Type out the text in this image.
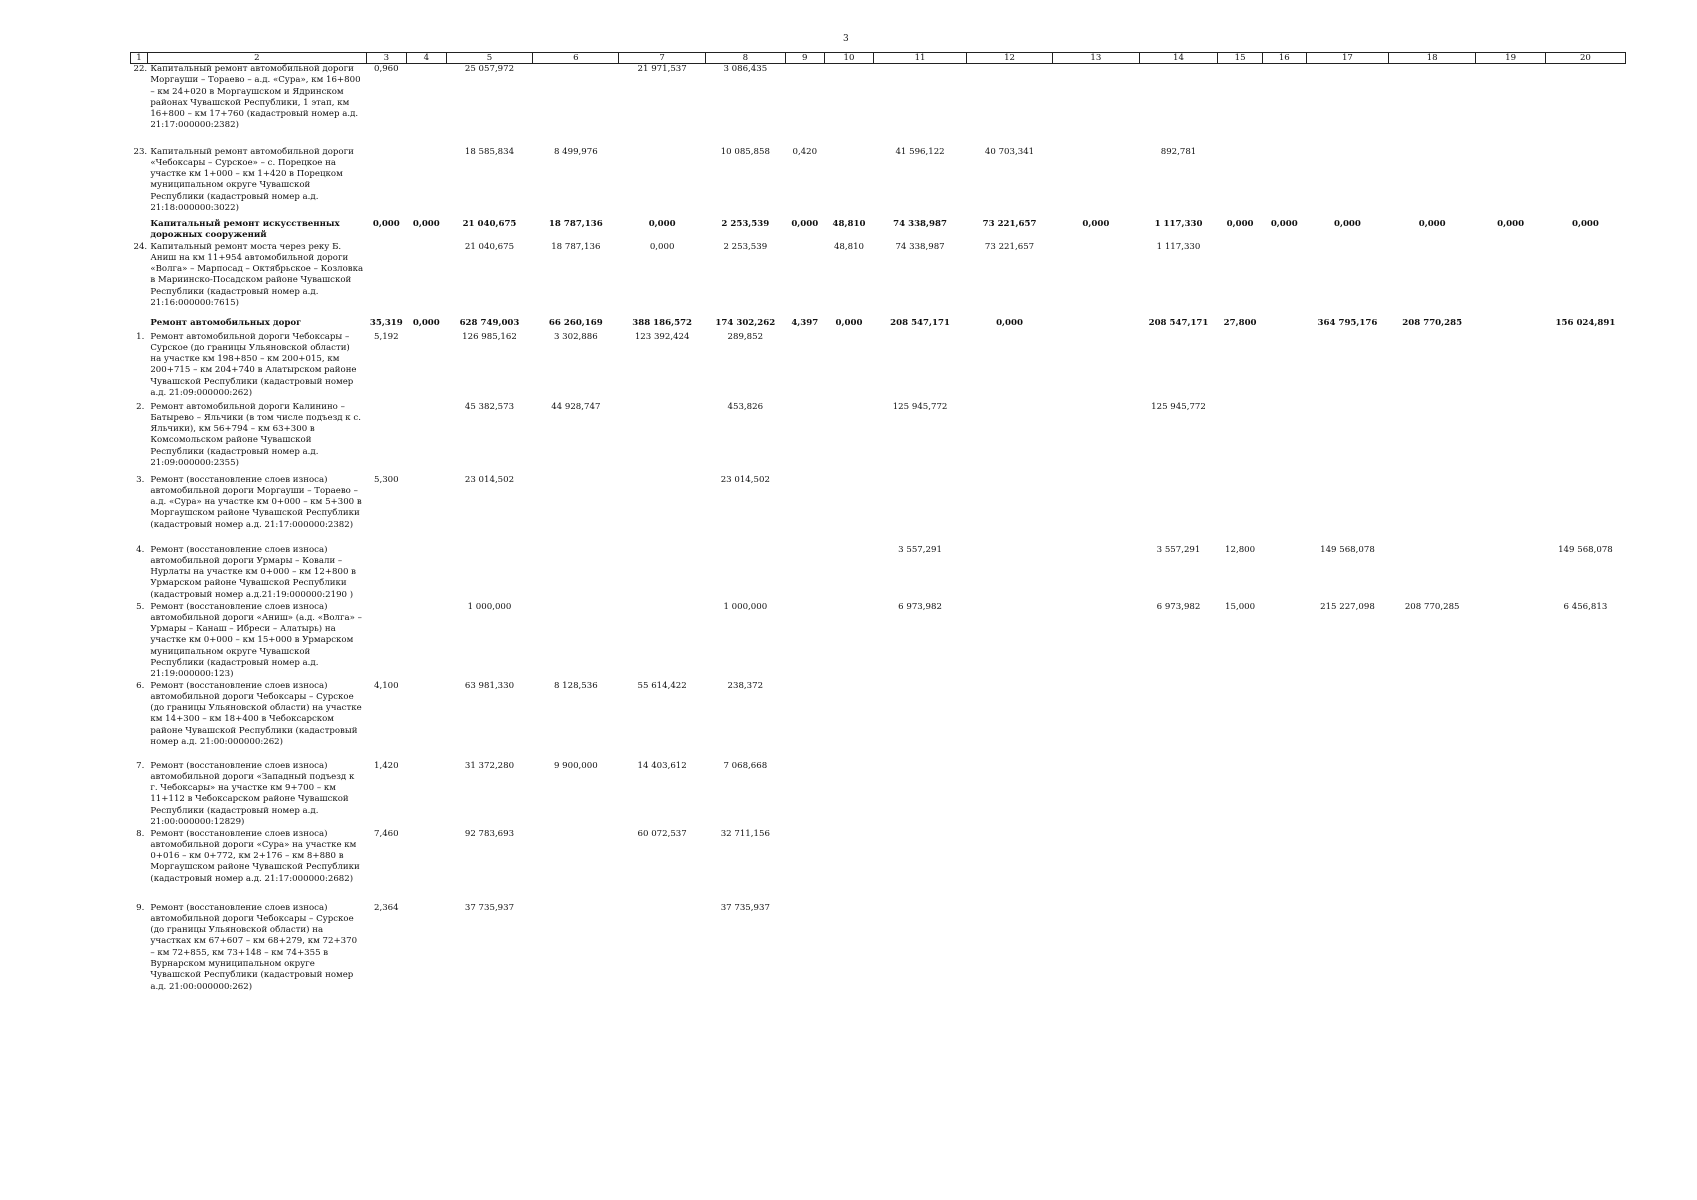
3
1	2	3	4	5	6	7	8	9	10	11	12	13	14	15	16	17	18	19	20
22.	Капитальный ремонт автомобильной дороги Моргауши – Тораево – а.д. «Сура», км 16+800 – км 24+020 в Моргаушском и Ядринском районах Чувашской Республики, 1 этап, км 16+800 – км 17+760 (кадастровый номер а.д. 21:17:000000:2382)	0,960		25 057,972		21 971,537	3 086,435												
23.	Капитальный ремонт автомобильной дороги «Чебоксары – Сурское» – с. Порецкое на участке км 1+000 – км 1+420 в Порецком муниципальном округе Чувашской Республики (кадастровый номер а.д. 21:18:000000:3022)			18 585,834	8 499,976		10 085,858	0,420		41 596,122	40 703,341		892,781						
	Капитальный ремонт искусственных дорожных сооружений	0,000	0,000	21 040,675	18 787,136	0,000	2 253,539	0,000	48,810	74 338,987	73 221,657	0,000	1 117,330	0,000	0,000	0,000	0,000	0,000	0,000
24.	Капитальный ремонт моста через реку Б. Аниш на км 11+954 автомобильной дороги «Волга» – Марпосад – Октябрьское – Козловка в Мариинско-Посадском районе Чувашской Республики (кадастровый номер а.д. 21:16:000000:7615)			21 040,675	18 787,136	0,000	2 253,539		48,810	74 338,987	73 221,657		1 117,330						
	Ремонт автомобильных дорог	35,319	0,000	628 749,003	66 260,169	388 186,572	174 302,262	4,397	0,000	208 547,171	0,000		208 547,171	27,800		364 795,176	208 770,285		156 024,891
1.	Ремонт автомобильной дороги Чебоксары – Сурское (до границы Ульяновской области) на участке км 198+850 – км 200+015, км 200+715 – км 204+740 в Алатырском районе Чувашской Республики (кадастровый номер а.д. 21:09:000000:262)	5,192		126 985,162	3 302,886	123 392,424	289,852												
2.	Ремонт автомобильной дороги Калинино – Батырево – Яльчики (в том числе подъезд к с. Яльчики), км 56+794 – км 63+300 в Комсомольском районе Чувашской Республики (кадастровый номер а.д. 21:09:000000:2355)			45 382,573	44 928,747		453,826			125 945,772			125 945,772						
3.	Ремонт (восстановление слоев износа) автомобильной дороги Моргауши – Тораево – а.д. «Сура» на участке км 0+000 – км 5+300 в Моргаушском районе Чувашской Республики (кадастровый номер а.д. 21:17:000000:2382)	5,300		23 014,502			23 014,502												
4.	Ремонт (восстановление слоев износа) автомобильной дороги Урмары – Ковали – Нурлаты на участке км 0+000 – км 12+800 в Урмарском районе Чувашской Республики (кадастровый номер а.д.21:19:000000:2190 )									3 557,291			3 557,291	12,800		149 568,078			149 568,078
5.	Ремонт (восстановление слоев износа) автомобильной дороги «Аниш» (а.д. «Волга» – Урмары – Канаш – Ибреси – Алатырь) на участке км 0+000 – км 15+000 в Урмарском муниципальном округе Чувашской Республики (кадастровый номер а.д. 21:19:000000:123)			1 000,000			1 000,000			6 973,982			6 973,982	15,000		215 227,098	208 770,285		6 456,813
6.	Ремонт (восстановление слоев износа) автомобильной дороги Чебоксары – Сурское (до границы Ульяновской области) на участке км 14+300 – км 18+400 в Чебоксарском районе Чувашской Республики (кадастровый номер а.д. 21:00:000000:262)	4,100		63 981,330	8 128,536	55 614,422	238,372												
7.	Ремонт (восстановление слоев износа) автомобильной дороги «Западный подъезд к г. Чебоксары» на участке км 9+700 – км 11+112 в Чебоксарском районе Чувашской Республики (кадастровый номер а.д. 21:00:000000:12829)	1,420		31 372,280	9 900,000	14 403,612	7 068,668												
8.	Ремонт (восстановление слоев износа) автомобильной дороги «Сура» на участке км 0+016 – км 0+772, км 2+176 – км 8+880 в Моргаушском районе Чувашской Республики (кадастровый номер а.д. 21:17:000000:2682)	7,460		92 783,693		60 072,537	32 711,156												
9.	Ремонт (восстановление слоев износа) автомобильной дороги Чебоксары – Сурское (до границы Ульяновской области) на участках км 67+607 – км 68+279, км 72+370 – км 72+855, км 73+148 – км 74+355 в Вурнарском муниципальном округе Чувашской Республики (кадастровый номер а.д. 21:00:000000:262)	2,364		37 735,937			37 735,937												
